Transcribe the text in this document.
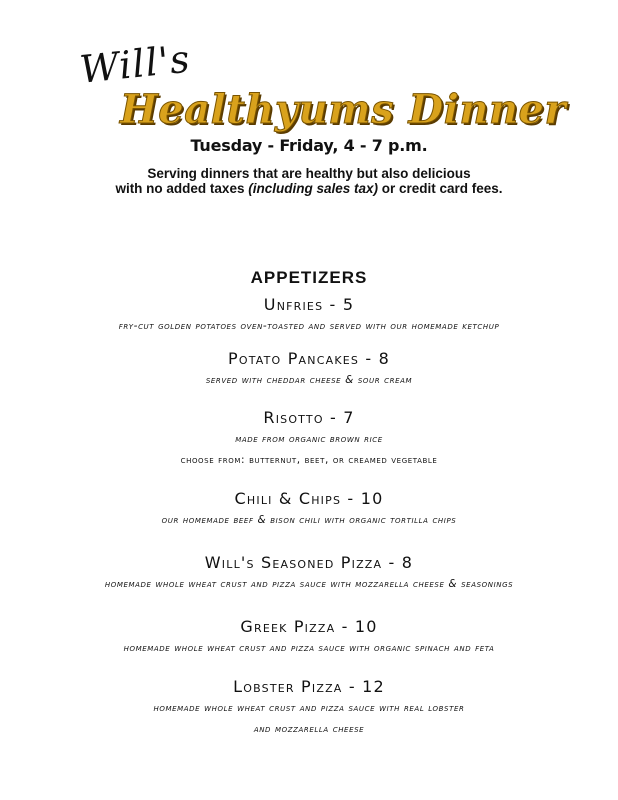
Will's
Healthyums Dinner
Tuesday - Friday, 4 - 7 p.m.
Serving dinners that are healthy but also delicious
with no added taxes (including sales tax) or credit card fees.
APPETIZERS
Unfries - 5
fry-cut golden potatoes oven-toasted and served with our homemade ketchup
Potato Pancakes - 8
served with cheddar cheese & sour cream
Risotto - 7
made from organic brown rice
choose from: butternut, beet, or creamed vegetable
Chili & Chips - 10
our homemade beef & bison chili with organic tortilla chips
Will's Seasoned Pizza - 8
homemade whole wheat crust and pizza sauce with mozzarella cheese & seasonings
Greek Pizza - 10
homemade whole wheat crust and pizza sauce with organic spinach and feta
Lobster Pizza - 12
homemade whole wheat crust and pizza sauce with real lobster
and mozzarella cheese
